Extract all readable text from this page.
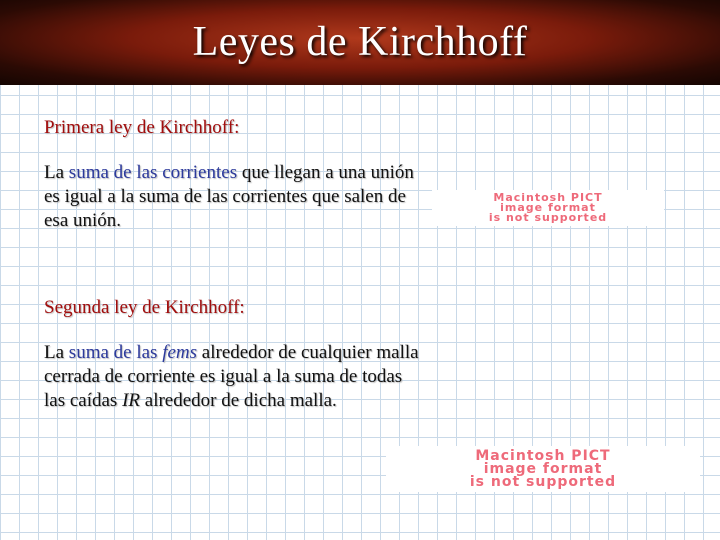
Leyes de Kirchhoff
Primera ley de Kirchhoff:

La suma de las corrientes que llegan a una unión es igual a la suma de las corrientes que salen de esa unión.

Macintosh PICT
image format
is not supported
Segunda ley de Kirchhoff:

La suma de las fems alrededor de cualquier malla cerrada de corriente es igual a la suma de todas las caídas IR alrededor de dicha malla.

Macintosh PICT
image format
is not supported
